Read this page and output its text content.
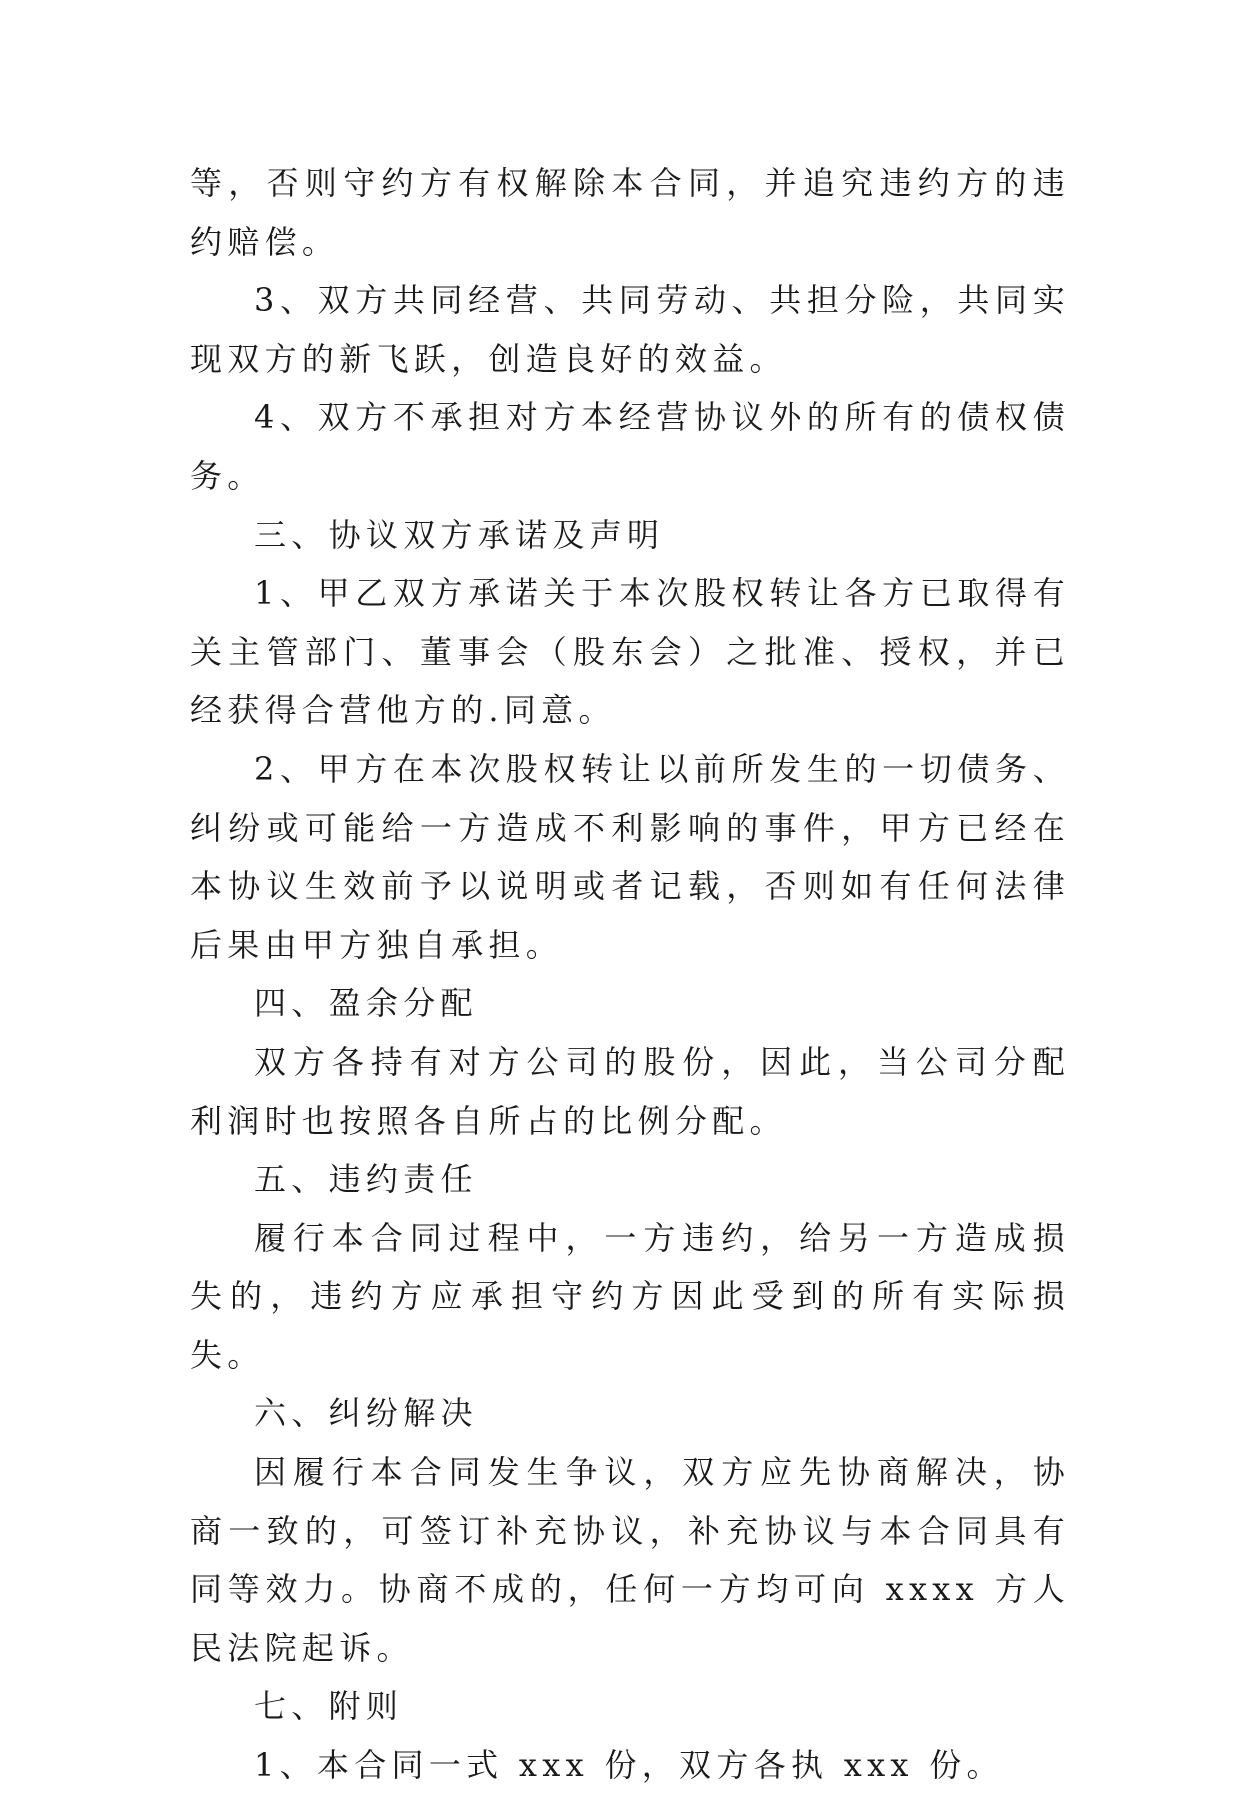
等，否则守约方有权解除本合同，并追究违约方的违约赔偿。

3、双方共同经营、共同劳动、共担分险，共同实现双方的新飞跃，创造良好的效益。

4、双方不承担对方本经营协议外的所有的债权债务。

三、协议双方承诺及声明

1、甲乙双方承诺关于本次股权转让各方已取得有关主管部门、董事会（股东会）之批准、授权，并已经获得合营他方的.同意。

2、甲方在本次股权转让以前所发生的一切债务、纠纷或可能给一方造成不利影响的事件，甲方已经在本协议生效前予以说明或者记载，否则如有任何法律后果由甲方独自承担。

四、盈余分配

双方各持有对方公司的股份，因此，当公司分配利润时也按照各自所占的比例分配。

五、违约责任

履行本合同过程中，一方违约，给另一方造成损失的，违约方应承担守约方因此受到的所有实际损失。

六、纠纷解决

因履行本合同发生争议，双方应先协商解决，协商一致的，可签订补充协议，补充协议与本合同具有同等效力。协商不成的，任何一方均可向 xxxx 方人民法院起诉。

七、附则

1、本合同一式 xxx 份，双方各执 xxx 份。
